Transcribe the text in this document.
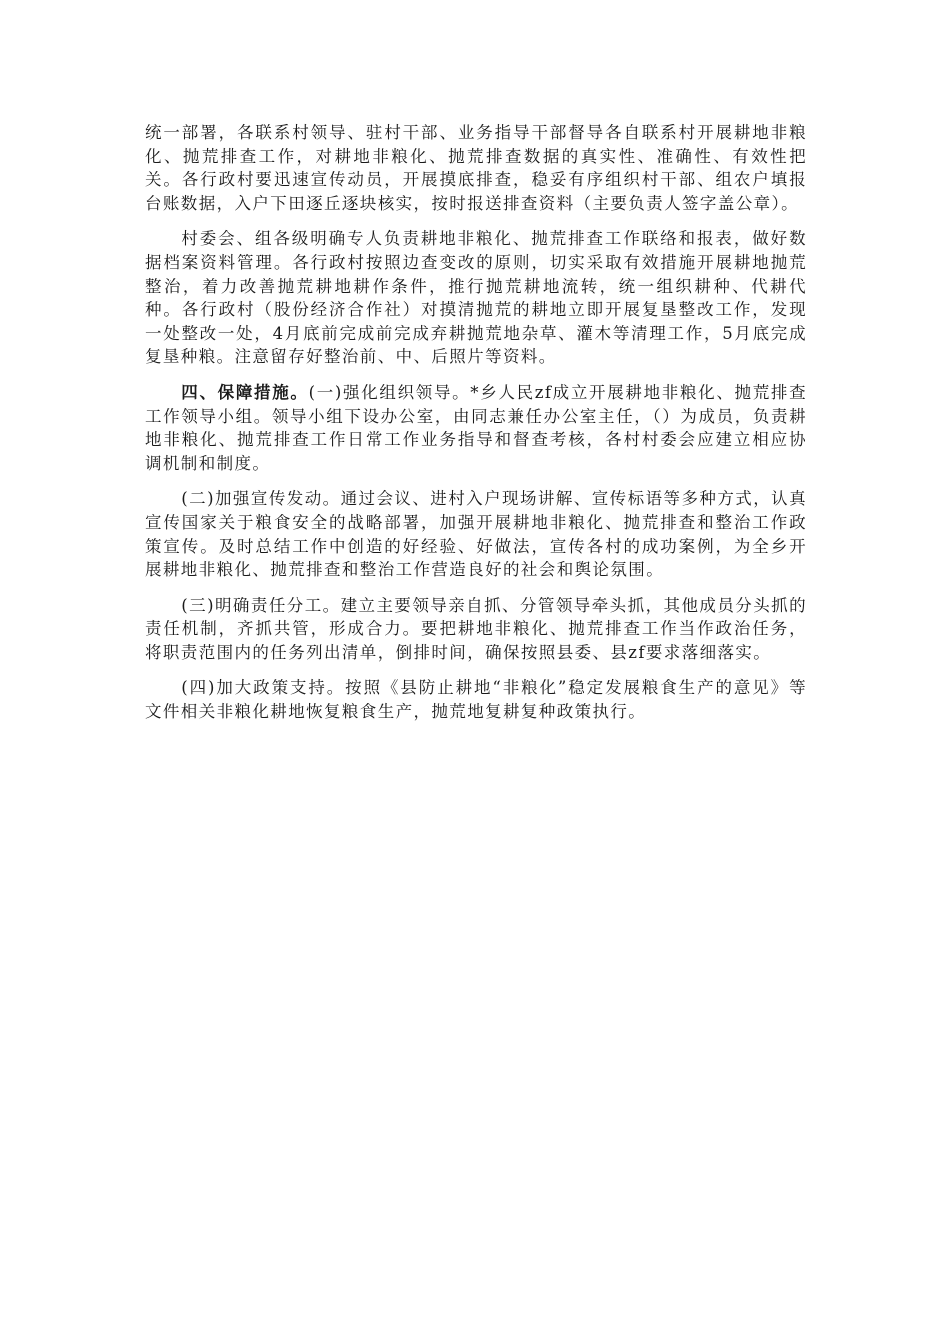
统一部署，各联系村领导、驻村干部、业务指导干部督导各自联系村开展耕地非粮化、抛荒排查工作，对耕地非粮化、抛荒排查数据的真实性、准确性、有效性把关。各行政村要迅速宣传动员，开展摸底排查，稳妥有序组织村干部、组农户填报台账数据，入户下田逐丘逐块核实，按时报送排查资料（主要负责人签字盖公章）。

村委会、组各级明确专人负责耕地非粮化、抛荒排查工作联络和报表，做好数据档案资料管理。各行政村按照边查变改的原则，切实采取有效措施开展耕地抛荒整治，着力改善抛荒耕地耕作条件，推行抛荒耕地流转，统一组织耕种、代耕代种。各行政村（股份经济合作社）对摸清抛荒的耕地立即开展复垦整改工作，发现一处整改一处，4月底前完成前完成弃耕抛荒地杂草、灌木等清理工作，5月底完成复垦种粮。注意留存好整治前、中、后照片等资料。

四、保障措施。(一)强化组织领导。*乡人民zf成立开展耕地非粮化、抛荒排查工作领导小组。领导小组下设办公室，由同志兼任办公室主任，（）为成员，负责耕地非粮化、抛荒排查工作日常工作业务指导和督查考核，各村村委会应建立相应协调机制和制度。

(二)加强宣传发动。通过会议、进村入户现场讲解、宣传标语等多种方式，认真宣传国家关于粮食安全的战略部署，加强开展耕地非粮化、抛荒排查和整治工作政策宣传。及时总结工作中创造的好经验、好做法，宣传各村的成功案例，为全乡开展耕地非粮化、抛荒排查和整治工作营造良好的社会和舆论氛围。

(三)明确责任分工。建立主要领导亲自抓、分管领导牵头抓，其他成员分头抓的责任机制，齐抓共管，形成合力。要把耕地非粮化、抛荒排查工作当作政治任务，将职责范围内的任务列出清单，倒排时间，确保按照县委、县zf要求落细落实。

(四)加大政策支持。按照《县防止耕地“非粮化”稳定发展粮食生产的意见》等文件相关非粮化耕地恢复粮食生产，抛荒地复耕复种政策执行。
